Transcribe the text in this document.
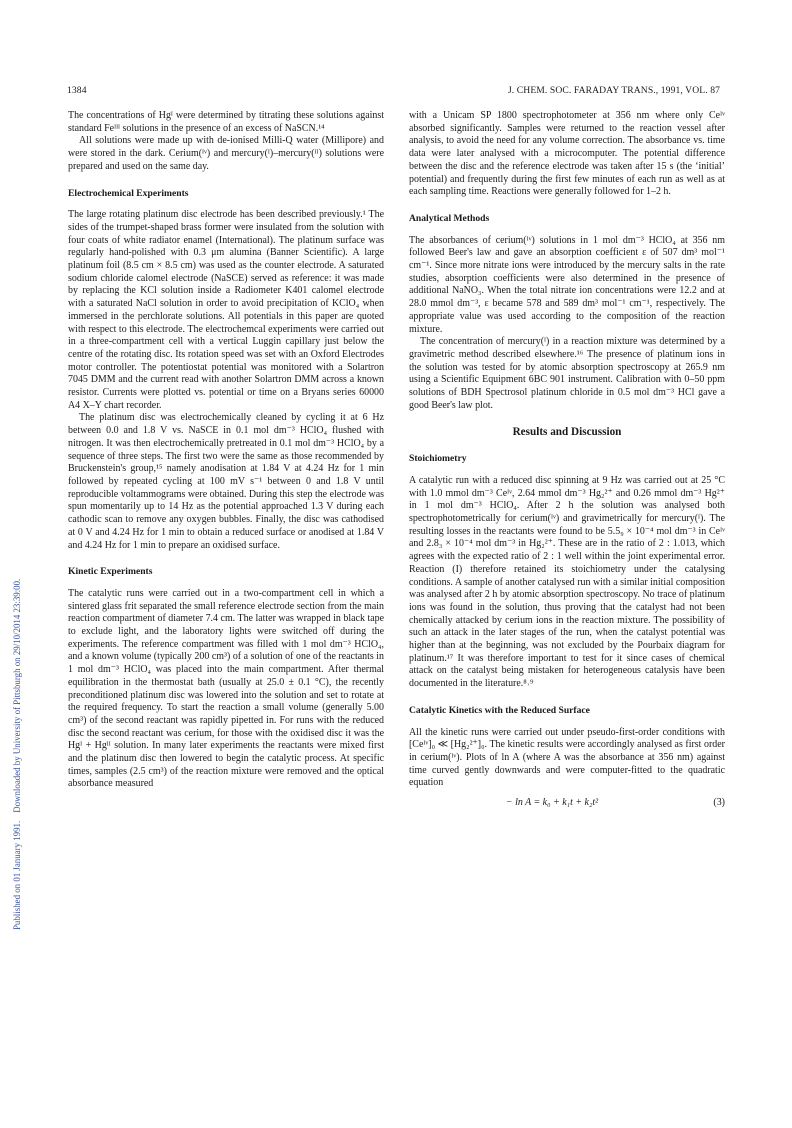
1384	J. CHEM. SOC. FARADAY TRANS., 1991, VOL. 87
Published on 01 January 1991.Downloaded by University of Pittsburgh on 29/10/2014 23:39:00.

The concentrations of Hgᴵ were determined by titrating these solutions against standard Feᴵᴵᴵ solutions in the presence of an excess of NaSCN.¹⁴

All solutions were made up with de-ionised Milli-Q water (Millipore) and were stored in the dark. Cerium(ᴵᵛ) and mercury(ᴵ)–mercury(ᴵᴵ) solutions were prepared and used on the same day.

Electrochemical Experiments

The large rotating platinum disc electrode has been described previously.¹ The sides of the trumpet-shaped brass former were insulated from the solution with four coats of white radiator enamel (International). The platinum surface was regularly hand-polished with 0.3 μm alumina (Banner Scientific). A large platinum foil (8.5 cm × 8.5 cm) was used as the counter electrode. A saturated sodium chloride calomel electrode (NaSCE) served as reference: it was made by replacing the KCl solution inside a Radiometer K401 calomel electrode with a saturated NaCl solution in order to avoid precipitation of KClO₄ when immersed in the perchlorate solutions. All potentials in this paper are quoted with respect to this electrode. The electrochemcal experiments were carried out in a three-compartment cell with a vertical Luggin capillary just below the centre of the rotating disc. Its rotation speed was set with an Oxford Electrodes motor controller. The potentiostat potential was monitored with a Solartron 7045 DMM and the current read with another Solartron DMM across a known resistor. Currents were plotted vs. potential or time on a Bryans series 60000 A4 X–Y chart recorder.

The platinum disc was electrochemically cleaned by cycling it at 6 Hz between 0.0 and 1.8 V vs. NaSCE in 0.1 mol dm⁻³ HClO₄ flushed with nitrogen. It was then electrochemically pretreated in 0.1 mol dm⁻³ HClO₄ by a sequence of three steps. The first two were the same as those recommended by Bruckenstein's group,¹⁵ namely anodisation at 1.84 V at 4.24 Hz for 1 min followed by repeated cycling at 100 mV s⁻¹ between 0 and 1.8 V until reproducible voltammograms were obtained. During this step the electrode was spun momentarily up to 14 Hz as the potential approached 1.3 V during each cathodic scan to remove any oxygen bubbles. Finally, the disc was cathodised at 0 V and 4.24 Hz for 1 min to obtain a reduced surface or anodised at 1.84 V and 4.24 Hz for 1 min to prepare an oxidised surface.

Kinetic Experiments

The catalytic runs were carried out in a two-compartment cell in which a sintered glass frit separated the small reference electrode section from the main reaction compartment of diameter 7.4 cm. The latter was wrapped in black tape to exclude light, and the laboratory lights were switched off during the experiments. The reference compartment was filled with 1 mol dm⁻³ HClO₄, and a known volume (typically 200 cm³) of a solution of one of the reactants in 1 mol dm⁻³ HClO₄ was placed into the main compartment. After thermal equilibration in the thermostat bath (usually at 25.0 ± 0.1 °C), the recently preconditioned platinum disc was lowered into the solution and set to rotate at the required frequency. To start the reaction a small volume (generally 5.00 cm³) of the second reactant was rapidly pipetted in. For runs with the reduced disc the second reactant was cerium, for those with the oxidised disc it was the Hgᴵ + Hgᴵᴵ solution. In many later experiments the reactants were mixed first and the platinum disc then lowered to begin the catalytic process. At specific times, samples (2.5 cm³) of the reaction mixture were removed and the optical absorbance measured

with a Unicam SP 1800 spectrophotometer at 356 nm where only Ceᴵᵛ absorbed significantly. Samples were returned to the reaction vessel after analysis, to avoid the need for any volume correction. The absorbance vs. time data were later analysed with a microcomputer. The potential difference between the disc and the reference electrode was taken after 15 s (the ‘initial’ potential) and frequently during the first few minutes of each run as well as at each sampling time. Reactions were generally followed for 1–2 h.

Analytical Methods

The absorbances of cerium(ᴵᵛ) solutions in 1 mol dm⁻³ HClO₄ at 356 nm followed Beer's law and gave an absorption coefficient ε of 507 dm³ mol⁻¹ cm⁻¹. Since more nitrate ions were introduced by the mercury salts in the rate studies, absorption coefficients were also determined in the presence of additional NaNO₃. When the total nitrate ion concentrations were 12.2 and at 28.0 mmol dm⁻³, ε became 578 and 589 dm³ mol⁻¹ cm⁻¹, respectively. The appropriate value was used according to the composition of the reaction mixture.

The concentration of mercury(ᴵ) in a reaction mixture was determined by a gravimetric method described elsewhere.¹⁶ The presence of platinum ions in the solution was tested for by atomic absorption spectroscopy at 265.9 nm using a Scientific Equipment 6BC 901 instrument. Calibration with 0–50 ppm solutions of BDH Spectrosol platinum chloride in 0.5 mol dm⁻³ HCl gave a good Beer's law plot.

Results and Discussion
Stoichiometry

A catalytic run with a reduced disc spinning at 9 Hz was carried out at 25 °C with 1.0 mmol dm⁻³ Ceᴵᵛ, 2.64 mmol dm⁻³ Hg₂²⁺ and 0.26 mmol dm⁻³ Hg²⁺ in 1 mol dm⁻³ HClO₄. After 2 h the solution was analysed both spectrophotometrically for cerium(ᴵᵛ) and gravimetrically for mercury(ᴵ). The resulting losses in the reactants were found to be 5.5₉ × 10⁻⁴ mol dm⁻³ in Ceᴵᵛ and 2.8₃ × 10⁻⁴ mol dm⁻³ in Hg₂²⁺. These are in the ratio of 2 : 1.013, which agrees with the expected ratio of 2 : 1 well within the joint experimental error. Reaction (I) therefore retained its stoichiometry under the catalysing conditions. A sample of another catalysed run with a similar initial composition was analysed after 2 h by atomic absorption spectroscopy. No trace of platinum ions was found in the solution, thus proving that the catalyst had not been chemically attacked by cerium ions in the reaction mixture. The possibility of such an attack in the later stages of the run, when the catalyst potential was higher than at the beginning, was not excluded by the Pourbaix diagram for platinum.¹⁷ It was therefore important to test for it since cases of chemical attack on the catalyst being mistaken for heterogeneous catalysis have been documented in the literature.⁸˒⁹

Catalytic Kinetics with the Reduced Surface

All the kinetic runs were carried out under pseudo-first-order conditions with [Ceᴵᵛ]₀ ≪ [Hg₂²⁺]₀. The kinetic results were accordingly analysed as first order in cerium(ᴵᵛ). Plots of ln A (where A was the absorbance at 356 nm) against time curved gently downwards and were computer-fitted to the quadratic equation

− ln A = k₀ + k₁t + k₂t²	(3)
